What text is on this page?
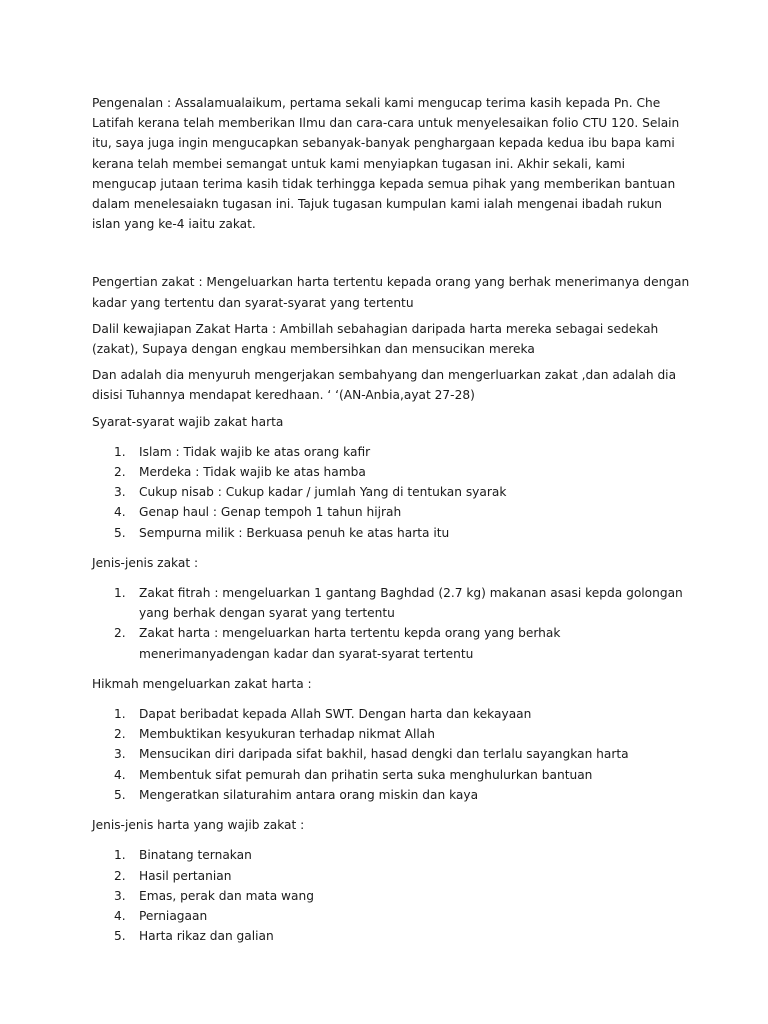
Pengenalan : Assalamualaikum, pertama sekali kami mengucap terima kasih kepada Pn. Che Latifah kerana telah memberikan Ilmu dan cara-cara untuk menyelesaikan folio CTU 120. Selain itu, saya juga ingin mengucapkan sebanyak-banyak penghargaan kepada kedua ibu bapa kami kerana telah membei semangat untuk kami menyiapkan tugasan ini. Akhir sekali, kami mengucap jutaan terima kasih tidak terhingga kepada semua pihak yang memberikan bantuan dalam menelesaiakn tugasan ini. Tajuk tugasan kumpulan kami ialah mengenai ibadah rukun islan yang ke-4 iaitu zakat.

Pengertian zakat : Mengeluarkan harta tertentu kepada orang yang berhak menerimanya dengan kadar yang tertentu dan syarat-syarat yang tertentu

Dalil kewajiapan Zakat Harta : Ambillah sebahagian daripada harta mereka sebagai sedekah (zakat), Supaya dengan engkau membersihkan dan mensucikan mereka

Dan adalah dia menyuruh mengerjakan sembahyang dan mengerluarkan zakat ,dan adalah dia disisi Tuhannya mendapat keredhaan. ‘ ‘(AN-Anbia,ayat 27-28)

Syarat-syarat wajib zakat harta

1. Islam : Tidak wajib ke atas orang kafir
2. Merdeka : Tidak wajib ke atas hamba
3. Cukup nisab : Cukup kadar / jumlah Yang di tentukan syarak
4. Genap haul : Genap tempoh 1 tahun hijrah
5. Sempurna milik : Berkuasa penuh ke atas harta itu

Jenis-jenis zakat :

1. Zakat fitrah : mengeluarkan 1 gantang Baghdad (2.7 kg) makanan asasi kepda golongan yang berhak dengan syarat yang tertentu
2. Zakat harta : mengeluarkan harta tertentu kepda orang yang berhak menerimanyadengan kadar dan syarat-syarat tertentu

Hikmah mengeluarkan zakat harta :

1. Dapat beribadat kepada Allah SWT. Dengan harta dan kekayaan
2. Membuktikan kesyukuran terhadap nikmat Allah
3. Mensucikan diri daripada sifat bakhil, hasad dengki dan terlalu sayangkan harta
4. Membentuk sifat pemurah dan prihatin serta suka menghulurkan bantuan
5. Mengeratkan silaturahim antara orang miskin dan kaya

Jenis-jenis harta yang wajib zakat :

1. Binatang ternakan
2. Hasil pertanian
3. Emas, perak dan mata wang
4. Perniagaan
5. Harta rikaz dan galian
